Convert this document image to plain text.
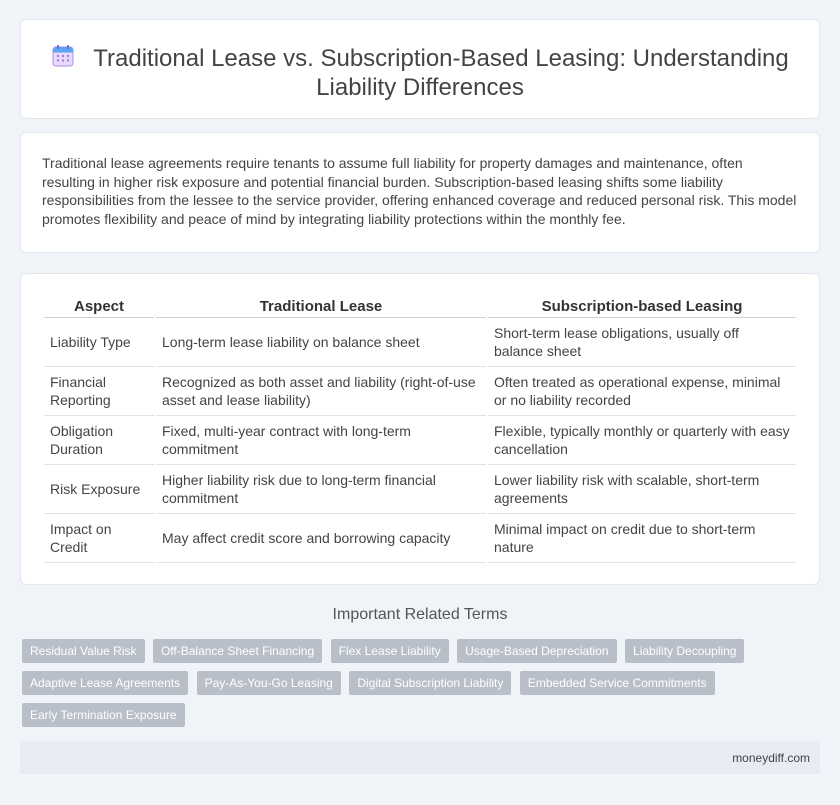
Traditional Lease vs. Subscription-Based Leasing: Understanding Liability Differences

Traditional lease agreements require tenants to assume full liability for property damages and maintenance, often resulting in higher risk exposure and potential financial burden. Subscription-based leasing shifts some liability responsibilities from the lessee to the service provider, offering enhanced coverage and reduced personal risk. This model promotes flexibility and peace of mind by integrating liability protections within the monthly fee.

Aspect	Traditional Lease	Subscription-based Leasing
Liability Type	Long-term lease liability on balance sheet	Short-term lease obligations, usually off balance sheet
Financial Reporting	Recognized as both asset and liability (right-of-use asset and lease liability)	Often treated as operational expense, minimal or no liability recorded
Obligation Duration	Fixed, multi-year contract with long-term commitment	Flexible, typically monthly or quarterly with easy cancellation
Risk Exposure	Higher liability risk due to long-term financial commitment	Lower liability risk with scalable, short-term agreements
Impact on Credit	May affect credit score and borrowing capacity	Minimal impact on credit due to short-term nature
Important Related Terms
Residual Value Risk Off-Balance Sheet Financing Flex Lease Liability Usage-Based Depreciation Liability Decoupling Adaptive Lease Agreements Pay-As-You-Go Leasing Digital Subscription Liability Embedded Service Commitments Early Termination Exposure
moneydiff.com
